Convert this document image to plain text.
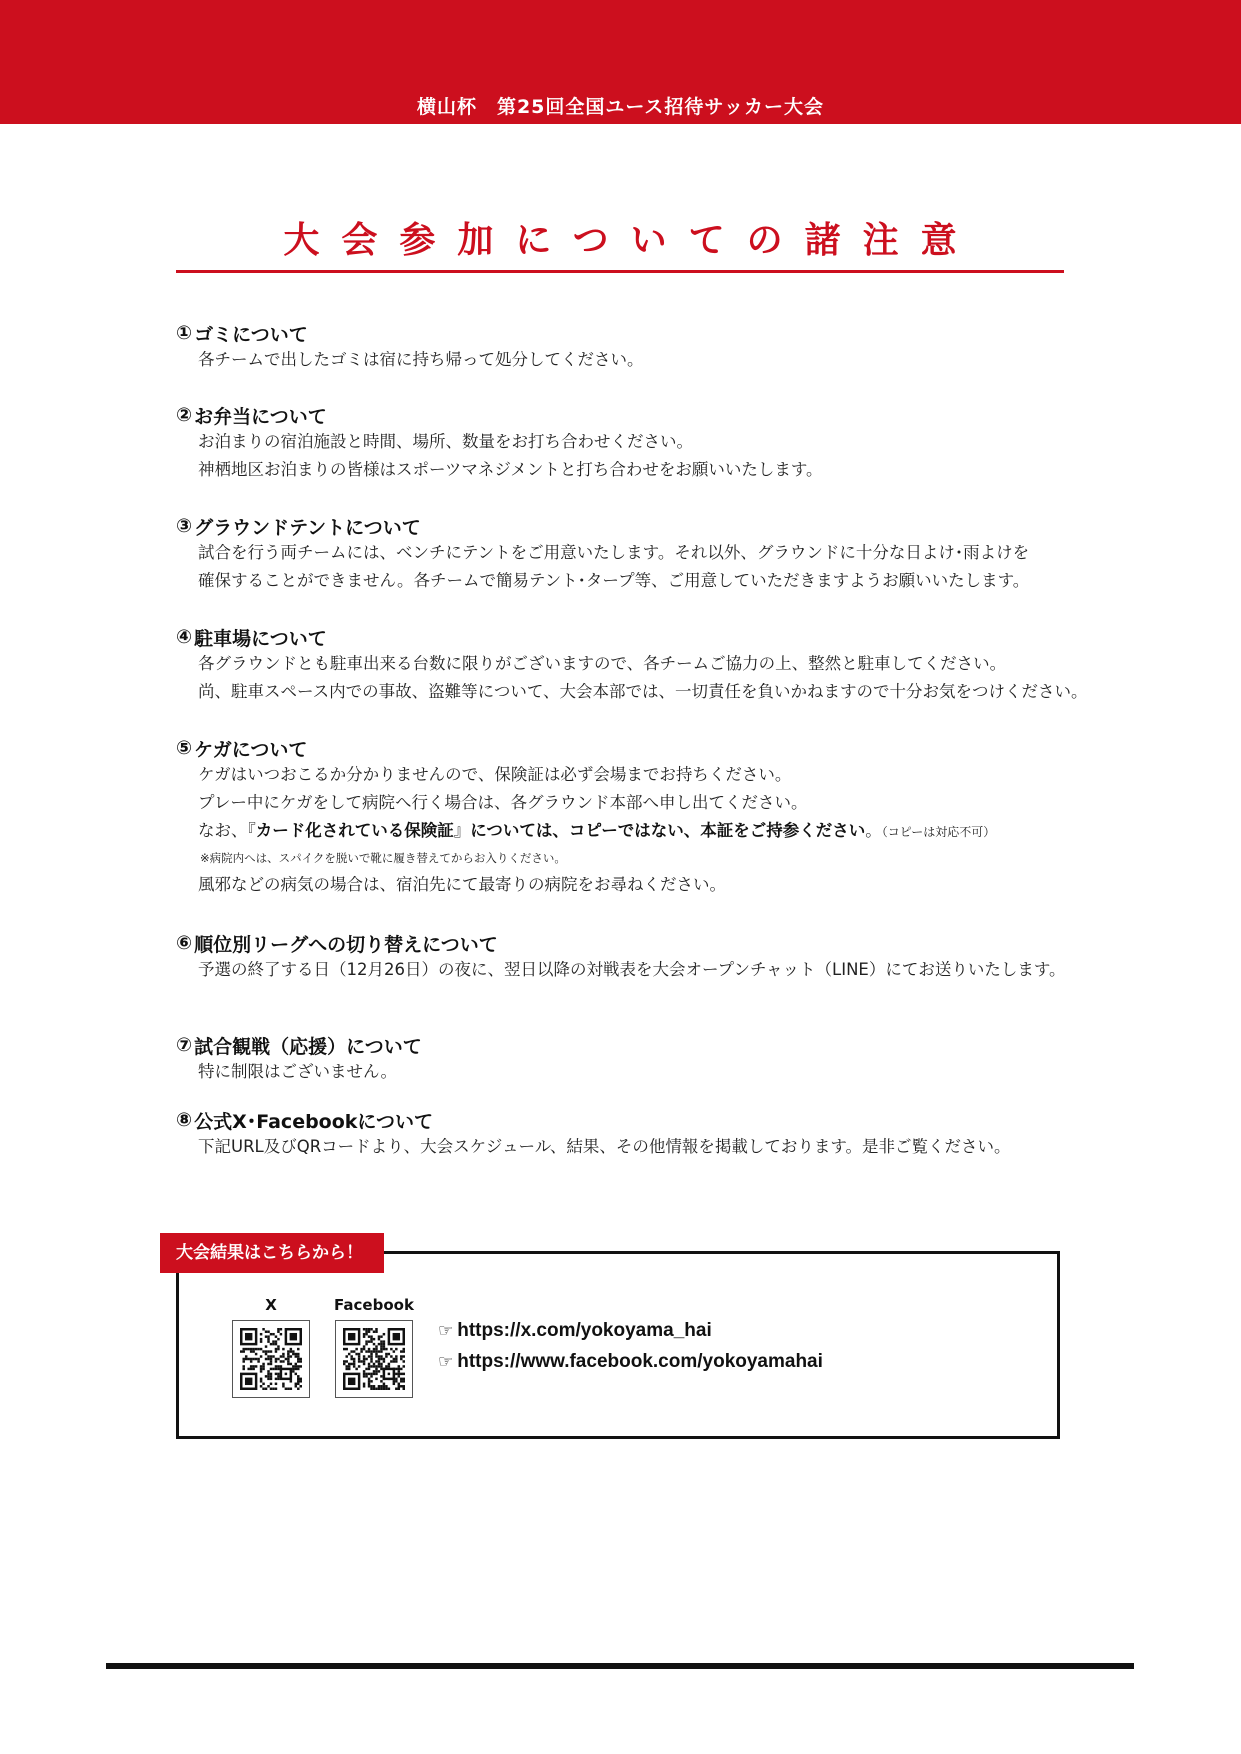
横山杯　第25回全国ユース招待サッカー大会
大会参加についての諸注意
① ゴミについて
各チームで出したゴミは宿に持ち帰って処分してください。
② お弁当について
お泊まりの宿泊施設と時間、場所、数量をお打ち合わせください。
神栖地区お泊まりの皆様はスポーツマネジメントと打ち合わせをお願いいたします。
③ グラウンドテントについて
試合を行う両チームには、ベンチにテントをご用意いたします。それ以外、グラウンドに十分な日よけ･雨よけを
確保することができません。各チームで簡易テント･タープ等、ご用意していただきますようお願いいたします。
④ 駐車場について
各グラウンドとも駐車出来る台数に限りがございますので、各チームご協力の上、整然と駐車してください。
尚、駐車スペース内での事故、盗難等について、大会本部では、一切責任を負いかねますので十分お気をつけください。
⑤ ケガについて
ケガはいつおこるか分かりませんので、保険証は必ず会場までお持ちください。
プレー中にケガをして病院へ行く場合は、各グラウンド本部へ申し出てください。
なお、『カード化されている保険証』については、コピーではない、本証をご持参ください。（コピーは対応不可）
※病院内へは、スパイクを脱いで靴に履き替えてからお入りください。
風邪などの病気の場合は、宿泊先にて最寄りの病院をお尋ねください。
⑥ 順位別リーグへの切り替えについて
予選の終了する日（12月26日）の夜に、翌日以降の対戦表を大会オープンチャット（LINE）にてお送りいたします。
⑦ 試合観戦（応援）について
特に制限はございません。
⑧ 公式X･Facebookについて
下記URL及びQRコードより、大会スケジュール、結果、その他情報を掲載しております。是非ご覧ください。
大会結果はこちらから！
X	Facebook
☞ https://x.com/yokoyama_hai
☞ https://www.facebook.com/yokoyamahai
